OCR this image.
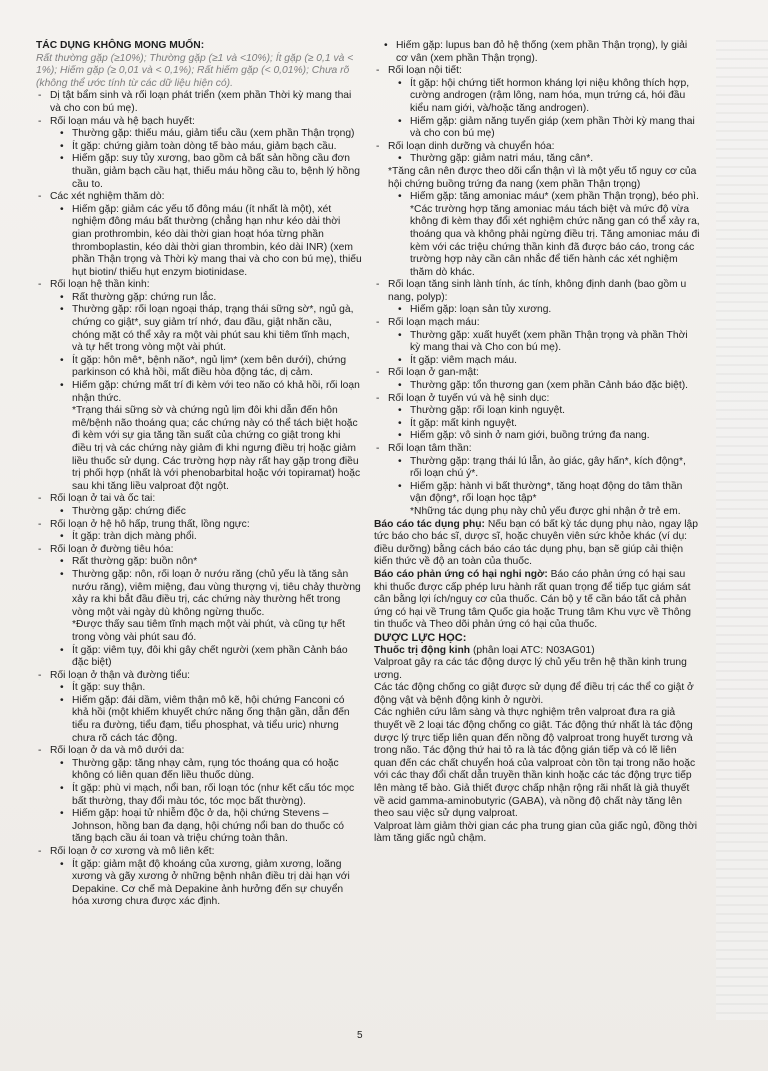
TÁC DỤNG KHÔNG MONG MUỐN:

Rất thường gặp (≥10%); Thường gặp (≥1 và <10%); Ít gặp (≥ 0,1 và < 1%); Hiếm gặp (≥ 0,01 và < 0,1%); Rất hiếm gặp (< 0,01%); Chưa rõ (không thể ước tính từ các dữ liệu hiện có).

- Dị tật bẩm sinh và rối loạn phát triển (xem phần Thời kỳ mang thai và cho con bú mẹ).
- Rối loạn máu và hệ bạch huyết:
• Thường gặp: thiếu máu, giảm tiểu cầu (xem phần Thận trọng)
• Ít gặp: chứng giảm toàn dòng tế bào máu, giảm bạch cầu.
• Hiếm gặp: suy tủy xương, bao gồm cả bất sản hồng cầu đơn thuần, giảm bạch cầu hạt, thiếu máu hồng cầu to, bệnh lý hồng cầu to.
- Các xét nghiệm thăm dò:
• Hiếm gặp: giảm các yếu tố đông máu (ít nhất là một), xét nghiệm đông máu bất thường (chẳng hạn như kéo dài thời gian prothrombin, kéo dài thời gian hoạt hóa từng phần thromboplastin, kéo dài thời gian thrombin, kéo dài INR) (xem phần Thận trọng và Thời kỳ mang thai và cho con bú mẹ), thiếu hụt biotin/ thiếu hụt enzym biotinidase.
- Rối loạn hệ thần kinh:
• Rất thường gặp: chứng run lắc.
• Thường gặp: rối loạn ngoại tháp, trạng thái sững sờ*, ngủ gà, chứng co giật*, suy giảm trí nhớ, đau đầu, giật nhãn cầu, chóng mặt có thể xảy ra một vài phút sau khi tiêm tĩnh mạch, và tự hết trong vòng một vài phút.
• Ít gặp: hôn mê*, bệnh não*, ngủ lịm* (xem bên dưới), chứng parkinson có khả hồi, mất điều hòa động tác, dị cảm.
• Hiếm gặp: chứng mất trí đi kèm với teo não có khả hồi, rối loạn nhận thức.

*Trạng thái sững sờ và chứng ngủ lịm đôi khi dẫn đến hôn mê/bệnh não thoáng qua; các chứng này có thể tách biệt hoặc đi kèm với sự gia tăng tần suất của chứng co giật trong khi điều trị và các chứng này giảm đi khi ngưng điều trị hoặc giảm liều thuốc sử dụng. Các trường hợp này rất hay gặp trong điều trị phối hợp (nhất là với phenobarbital hoặc với topiramat) hoặc sau khi tăng liều valproat đột ngột.

- Rối loạn ở tai và ốc tai:
• Thường gặp: chứng điếc
- Rối loạn ở hệ hô hấp, trung thất, lồng ngực:
• Ít gặp: tràn dịch màng phổi.
- Rối loạn ở đường tiêu hóa:
• Rất thường gặp: buồn nôn*
• Thường gặp: nôn, rối loạn ở nướu răng (chủ yếu là tăng sản nướu răng), viêm miệng, đau vùng thượng vị, tiêu chảy thường xảy ra khi bắt đầu điều trị, các chứng này thường hết trong vòng một vài ngày dù không ngừng thuốc.

*Được thấy sau tiêm tĩnh mạch một vài phút, và cũng tự hết trong vòng vài phút sau đó.

• Ít gặp: viêm tụy, đôi khi gây chết người (xem phần Cảnh báo đặc biệt)
- Rối loạn ở thận và đường tiểu:
• Ít gặp: suy thận.
• Hiếm gặp: đái dầm, viêm thận mô kẽ, hội chứng Fanconi có khả hồi (một khiếm khuyết chức năng ống thận gần, dẫn đến tiểu ra đường, tiểu đạm, tiểu phosphat, và tiểu uric) nhưng chưa rõ cách tác động.
- Rối loạn ở da và mô dưới da:
• Thường gặp: tăng nhạy cảm, rụng tóc thoáng qua có hoặc không có liên quan đến liều thuốc dùng.
• Ít gặp: phù vi mạch, nổi ban, rối loạn tóc (như kết cấu tóc mọc bất thường, thay đổi màu tóc, tóc mọc bất thường).
• Hiếm gặp: hoại tử nhiễm độc ở da, hội chứng Stevens – Johnson, hồng ban đa dạng, hội chứng nổi ban do thuốc có tăng bạch cầu ái toan và triệu chứng toàn thân.
- Rối loạn ở cơ xương và mô liên kết:
• Ít gặp: giảm mật độ khoáng của xương, giảm xương, loãng xương và gãy xương ở những bệnh nhân điều trị dài hạn với Depakine. Cơ chế mà Depakine ảnh hưởng đến sự chuyển hóa xương chưa được xác định.
• Hiếm gặp: lupus ban đỏ hệ thống (xem phần Thận trọng), ly giải cơ vân (xem phần Thận trọng).
- Rối loạn nội tiết:
• Ít gặp: hội chứng tiết hormon kháng lợi niệu không thích hợp, cường androgen (rậm lông, nam hóa, mụn trứng cá, hói đầu kiểu nam giới, và/hoặc tăng androgen).
• Hiếm gặp: giảm năng tuyến giáp (xem phần Thời kỳ mang thai và cho con bú mẹ)
- Rối loạn dinh dưỡng và chuyển hóa:
• Thường gặp: giảm natri máu, tăng cân*.

*Tăng cân nên được theo dõi cẩn thận vì là một yếu tố nguy cơ của hội chứng buồng trứng đa nang (xem phần Thận trọng)

• Hiếm gặp: tăng amoniac máu* (xem phần Thận trọng), béo phì.

*Các trường hợp tăng amoniac máu tách biệt và mức độ vừa không đi kèm thay đổi xét nghiệm chức năng gan có thể xảy ra, thoáng qua và không phải ngừng điều trị. Tăng amoniac máu đi kèm với các triệu chứng thần kinh đã được báo cáo, trong các trường hợp này cần cân nhắc để tiến hành các xét nghiệm thăm dò khác.

- Rối loạn tăng sinh lành tính, ác tính, không định danh (bao gồm u nang, polyp):
• Hiếm gặp: loạn sản tủy xương.
- Rối loạn mạch máu:
• Thường gặp: xuất huyết (xem phần Thận trọng và phần Thời kỳ mang thai và Cho con bú mẹ).
• Ít gặp: viêm mạch máu.
- Rối loạn ở gan-mật:
• Thường gặp: tổn thương gan (xem phần Cảnh báo đặc biệt).
- Rối loạn ở tuyến vú và hệ sinh dục:
• Thường gặp: rối loạn kinh nguyệt.
• Ít gặp: mất kinh nguyệt.
• Hiếm gặp: vô sinh ở nam giới, buồng trứng đa nang.
- Rối loạn tâm thần:
• Thường gặp: trạng thái lú lẫn, ảo giác, gây hấn*, kích động*, rối loạn chú ý*.
• Hiếm gặp: hành vi bất thường*, tăng hoạt động do tâm thần vận động*, rối loạn học tập*

*Những tác dụng phụ này chủ yếu được ghi nhận ở trẻ em.

Báo cáo tác dụng phụ: Nếu bạn có bất kỳ tác dụng phụ nào, ngay lập tức báo cho bác sĩ, dược sĩ, hoặc chuyên viên sức khỏe khác (ví dụ: điều dưỡng) bằng cách báo cáo tác dụng phụ, bạn sẽ giúp cải thiện kiến thức về độ an toàn của thuốc.

Báo cáo phản ứng có hại nghi ngờ: Báo cáo phản ứng có hại sau khi thuốc được cấp phép lưu hành rất quan trọng để tiếp tục giám sát cân bằng lợi ích/nguy cơ của thuốc. Cán bộ y tế cần báo tất cả phản ứng có hại về Trung tâm Quốc gia hoặc Trung tâm Khu vực về Thông tin thuốc và Theo dõi phản ứng có hại của thuốc.

DƯỢC LỰC HỌC:

Thuốc trị động kinh (phân loại ATC: N03AG01)

Valproat gây ra các tác động dược lý chủ yếu trên hệ thần kinh trung ương.

Các tác động chống co giật được sử dụng để điều trị các thể co giật ở động vật và bệnh động kinh ở người.

Các nghiên cứu lâm sàng và thực nghiệm trên valproat đưa ra giả thuyết về 2 loại tác động chống co giật. Tác động thứ nhất là tác động dược lý trực tiếp liên quan đến nồng độ valproat trong huyết tương và trong não. Tác động thứ hai tỏ ra là tác động gián tiếp và có lẽ liên quan đến các chất chuyển hoá của valproat còn tồn tại trong não hoặc với các thay đổi chất dẫn truyền thần kinh hoặc các tác động trực tiếp lên màng tế bào. Giả thiết được chấp nhận rộng rãi nhất là giả thuyết về acid gamma-aminobutyric (GABA), và nồng độ chất này tăng lên theo sau việc sử dụng valproat.

Valproat làm giảm thời gian các pha trung gian của giấc ngủ, đồng thời làm tăng giấc ngủ chậm.

5
